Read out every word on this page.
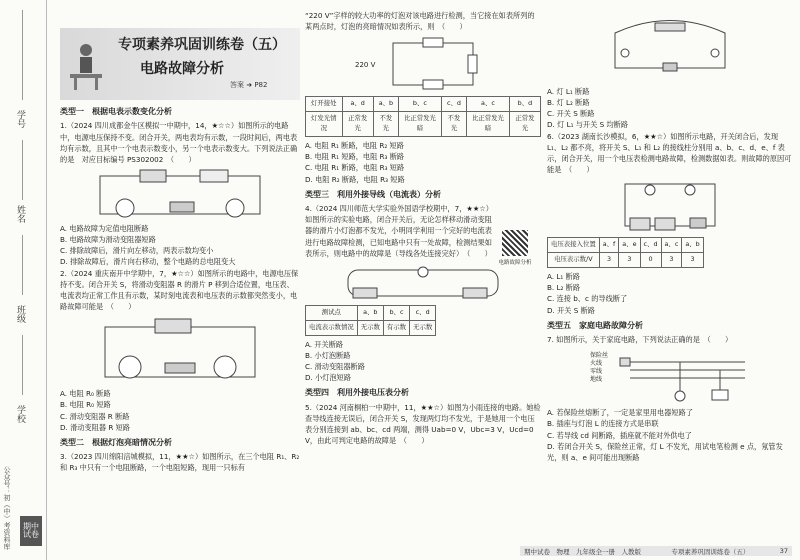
学号
姓名
班级
学校
公众号：初（中）考资料库 期中
试卷
专项素养巩固训练卷（五）
电路故障分析
答案 ➜ P82
类型一　根据电表示数变化分析

1.（2024 四川成都金牛区模拟一中期中，14，★☆☆）如图所示的电路中，电源电压保持不变。闭合开关，两电表均有示数，一段时间后，两电表均有示数，且其中一个电表示数变小，另一个电表示数变大。下列说法正确的是　对应目标编号 PS302002　（　　）

A. 电路故障为定值电阻断路

B. 电路故障为滑动变阻器短路

C. 排除故障后，滑片向左移动，两表示数均变小

D. 排除故障后，滑片向右移动，整个电路的总电阻变大

2.（2024 重庆南开中学期中，7，★☆☆）如图所示的电路中，电源电压保持不变。闭合开关 S，将滑动变阻器 R 的滑片 P 移到合适位置，电压表、电流表均正常工作且有示数，某时刻电流表和电压表的示数都突然变小，电路故障可能是　（　　）

A. 电阻 R₀ 断路

B. 电阻 R₀ 短路

C. 滑动变阻器 R 断路

D. 滑动变阻器 R 短路

类型二　根据灯泡亮暗情况分析

3.（2023 四川绵阳涪城模拟，11，★★☆）如图所示，在三个电阻 R₁、R₂ 和 R₃ 中只有一个电阻断路，一个电阻短路，现用一只标有

“220 V”字样的较大功率的灯泡对该电路进行检测，当它接在如表所列的某两点时，灯泡的亮暗情况如表所示，则　（　　）

220 V
灯开接处	a、d	a、b	b、c	c、d	a、c	b、d
灯发光情况	正常发光	不发光	比正常发光暗	不发光	比正常发光暗	正常发光

A. 电阻 R₁ 断路，电阻 R₂ 短路

B. 电阻 R₁ 短路，电阻 R₃ 断路

C. 电阻 R₁ 断路，电阻 R₃ 短路

D. 电阻 R₂ 断路，电阻 R₃ 短路

类型三　利用外接导线（电流表）分析

4.（2024 四川师范大学实验外国语学校期中，7，★★☆）如图所示的实验电路，闭合开关后，无论怎样移动滑动变阻器的滑片小灯泡都不发光，小明同学利用一个完好的电流表进行电路故障检测，已知电路中只有一处故障，检测结果如表所示，则电路中的故障是（导线各处连接完好）　（　　）

测试点	a、b	b、c	c、d
电流表示数情况	无示数	有示数	无示数

A. 开关断路

B. 小灯泡断路

C. 滑动变阻器断路

D. 小灯泡短路

类型四　利用外接电压表分析

5.（2024 河南桐柏一中期中，11，★★☆）如图为小雨连接的电路。她检查导线连接无误后，闭合开关 S，发现两灯均不发光，于是她用一个电压表分别连接到 ab、bc、cd 两端，测得 Uab=0 V，Ubc=3 V，Ucd=0 V，由此可判定电路的故障是　（　　）

电路故障分析

A. 灯 L₁ 断路

B. 灯 L₂ 断路

C. 开关 S 断路

D. 灯 L₁ 与开关 S 均断路

6.（2023 湖南长沙模拟，6，★★☆）如图所示电路，开关闭合后，发现 L₁、L₂ 都不亮，将开关 S、L₁ 和 L₂ 的接线柱分别用 a、b、c、d、e、f 表示，闭合开关，用一个电压表检测电路故障，检测数据如表。则故障的原因可能是　（　　）

电压表接入位置	a、f	a、e	c、d	a、c	a、b
电压表示数/V	3	3	0	3	3

A. L₁ 断路

B. L₂ 断路

C. 连接 b、c 的导线断了

D. 开关 S 断路

类型五　家庭电路故障分析

7. 如图所示，关于家庭电路，下列说法正确的是　（　　）

保险丝
火线
零线
地线

A. 若保险丝熔断了，一定是家里用电器短路了

B. 插座与灯泡 L 的连接方式是串联

C. 若导线 cd 间断路，插座就不能对外供电了

D. 若闭合开关 S，保险丝正常，灯 L 不发光，用试电笔检测 e 点，氖管发光，则 a、e 间可能出现断路

期中试卷　物理　九年级全一册　人教版	专项素养巩固训练卷（五）	37
